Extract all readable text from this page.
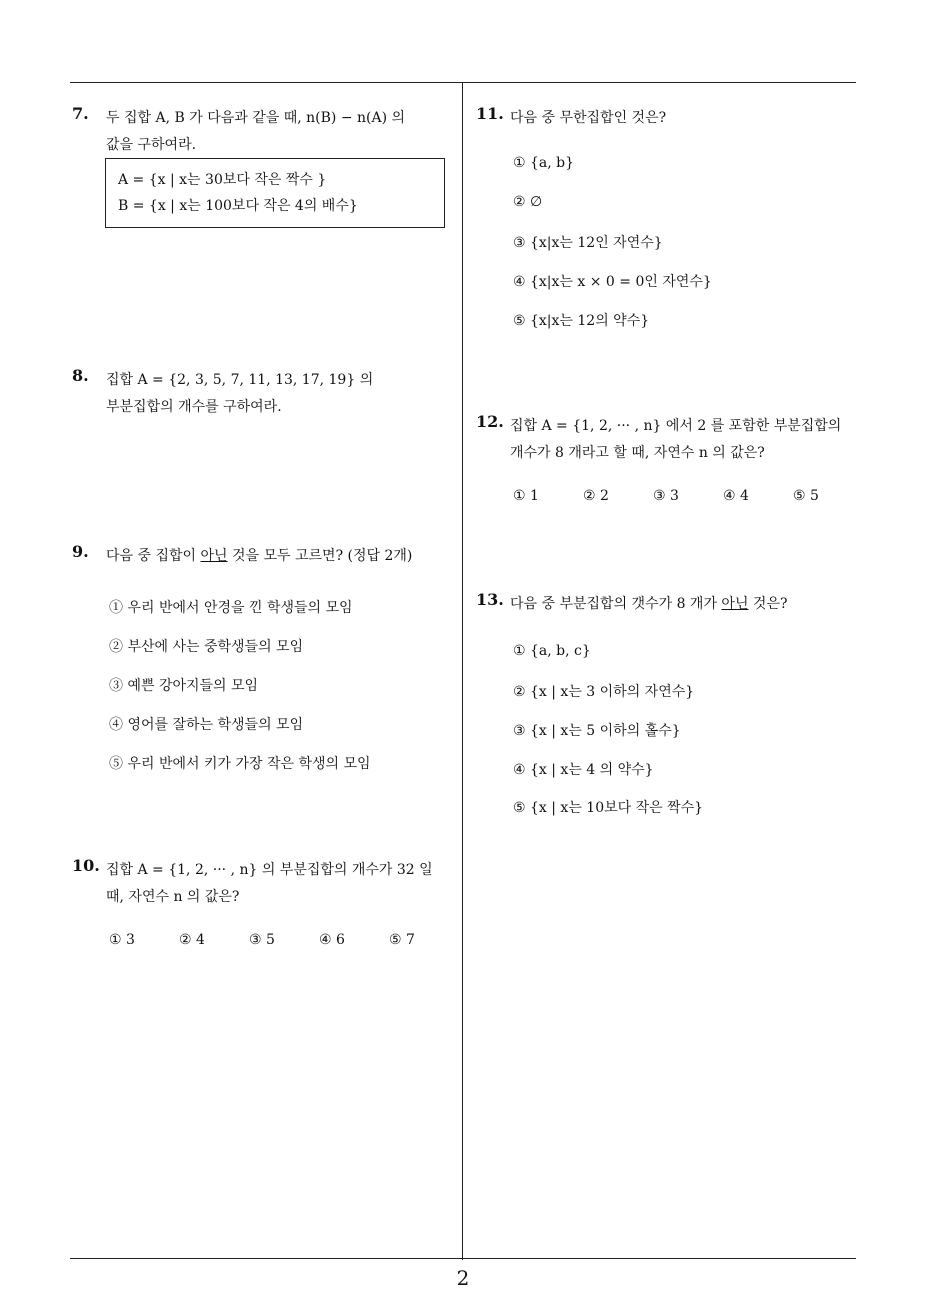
7. 두 집합 A, B 가 다음과 같을 때, n(B) − n(A) 의
값을 구하여라.
A = {x | x는 30보다 작은 짝수 }
B = {x | x는 100보다 작은 4의 배수}
8. 집합 A = {2, 3, 5, 7, 11, 13, 17, 19} 의
부분집합의 개수를 구하여라.
9. 다음 중 집합이 아닌 것을 모두 고르면? (정답 2개)
① 우리 반에서 안경을 낀 학생들의 모임
② 부산에 사는 중학생들의 모임
③ 예쁜 강아지들의 모임
④ 영어를 잘하는 학생들의 모임
⑤ 우리 반에서 키가 가장 작은 학생의 모임
10. 집합 A = {1, 2, ··· , n} 의 부분집합의 개수가 32 일
때, 자연수 n 의 값은?
① 3	② 4	③ 5	④ 6	⑤ 7
11. 다음 중 무한집합인 것은?
① {a, b}
② ∅
③ {x|x는 12인 자연수}
④ {x|x는 x × 0 = 0인 자연수}
⑤ {x|x는 12의 약수}
12. 집합 A = {1, 2, ··· , n} 에서 2 를 포함한 부분집합의
개수가 8 개라고 할 때, 자연수 n 의 값은?
① 1	② 2	③ 3	④ 4	⑤ 5
13. 다음 중 부분집합의 갯수가 8 개가 아닌 것은?
① {a, b, c}
② {x | x는 3 이하의 자연수}
③ {x | x는 5 이하의 홀수}
④ {x | x는 4 의 약수}
⑤ {x | x는 10보다 작은 짝수}
2
